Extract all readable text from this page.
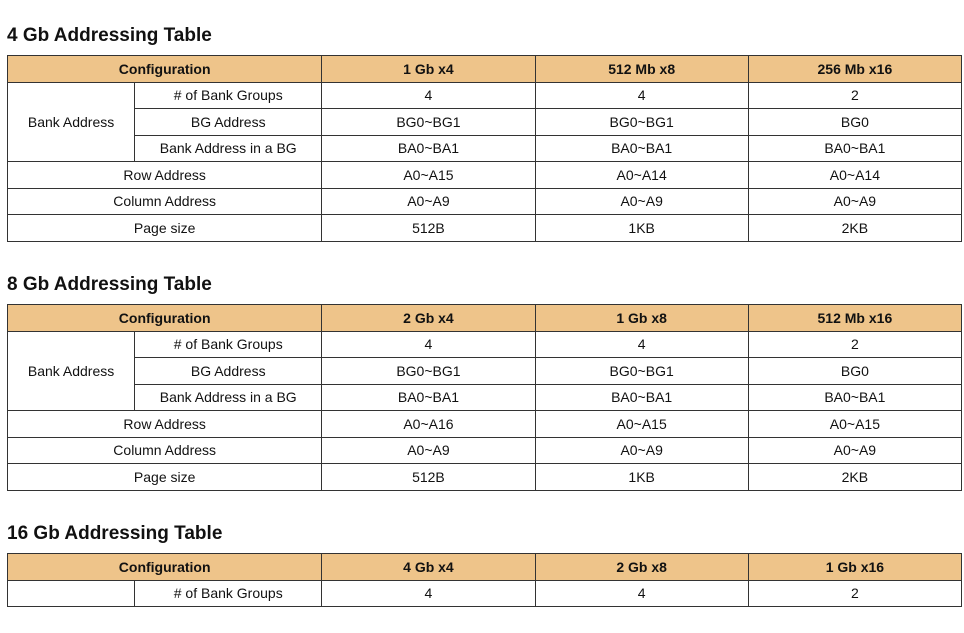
4 Gb Addressing Table
Configuration		1 Gb x4	512 Mb x8	256 Mb x16
Bank Address	# of Bank Groups	4	4	2
	BG Address	BG0~BG1	BG0~BG1	BG0
	Bank Address in a BG	BA0~BA1	BA0~BA1	BA0~BA1
Row Address		A0~A15	A0~A14	A0~A14
Column Address		A0~A9	A0~A9	A0~A9
Page size		512B	1KB	2KB
8 Gb Addressing Table
Configuration		2 Gb x4	1 Gb x8	512 Mb x16
Bank Address	# of Bank Groups	4	4	2
	BG Address	BG0~BG1	BG0~BG1	BG0
	Bank Address in a BG	BA0~BA1	BA0~BA1	BA0~BA1
Row Address		A0~A16	A0~A15	A0~A15
Column Address		A0~A9	A0~A9	A0~A9
Page size		512B	1KB	2KB
16 Gb Addressing Table
Configuration		4 Gb x4	2 Gb x8	1 Gb x16
	# of Bank Groups	4	4	2
